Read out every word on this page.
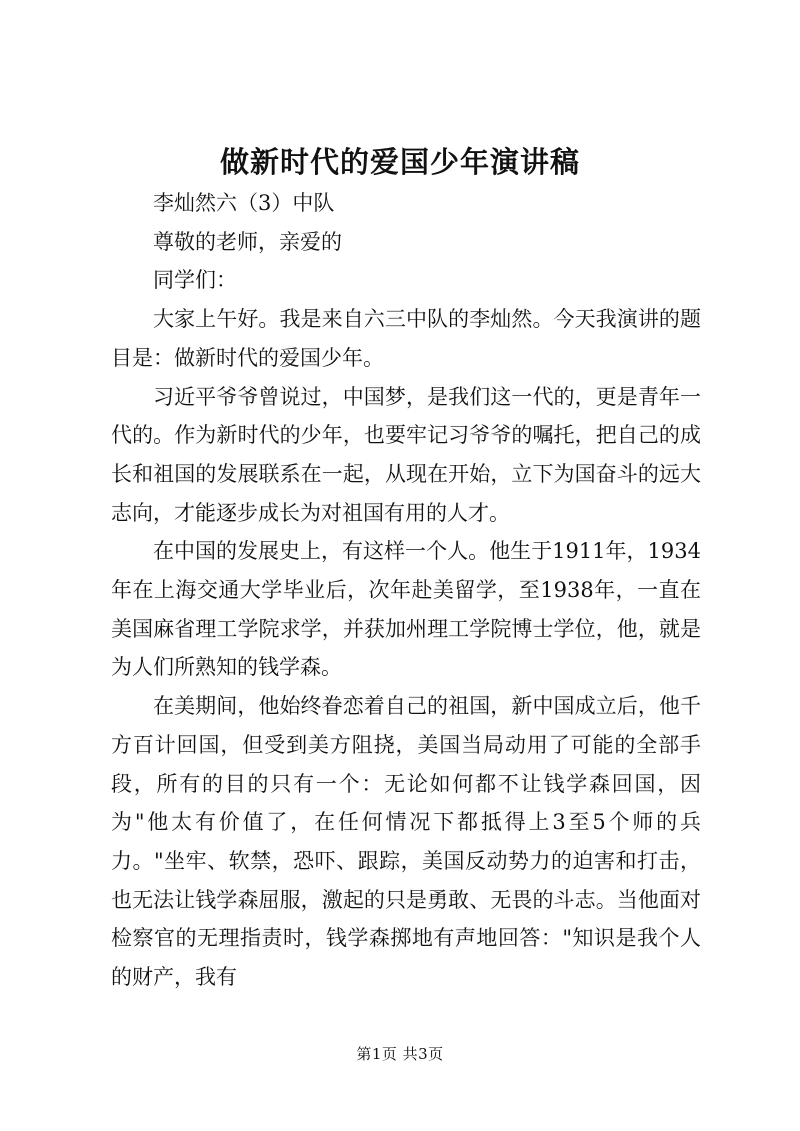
做新时代的爱国少年演讲稿

李灿然六（3）中队

尊敬的老师，亲爱的

同学们：

大家上午好。我是来自六三中队的李灿然。今天我演讲的题目是：做新时代的爱国少年。

习近平爷爷曾说过，中国梦，是我们这一代的，更是青年一代的。作为新时代的少年，也要牢记习爷爷的嘱托，把自己的成长和祖国的发展联系在一起，从现在开始，立下为国奋斗的远大志向，才能逐步成长为对祖国有用的人才。

在中国的发展史上，有这样一个人。他生于1911年，1934年在上海交通大学毕业后，次年赴美留学，至1938年，一直在美国麻省理工学院求学，并获加州理工学院博士学位，他，就是为人们所熟知的钱学森。

在美期间，他始终眷恋着自己的祖国，新中国成立后，他千方百计回国，但受到美方阻挠，美国当局动用了可能的全部手段，所有的目的只有一个：无论如何都不让钱学森回国，因为"他太有价值了，在任何情况下都抵得上3至5个师的兵力。"坐牢、软禁，恐吓、跟踪，美国反动势力的迫害和打击，也无法让钱学森屈服，激起的只是勇敢、无畏的斗志。当他面对检察官的无理指责时，钱学森掷地有声地回答："知识是我个人的财产，我有

第1页 共3页
